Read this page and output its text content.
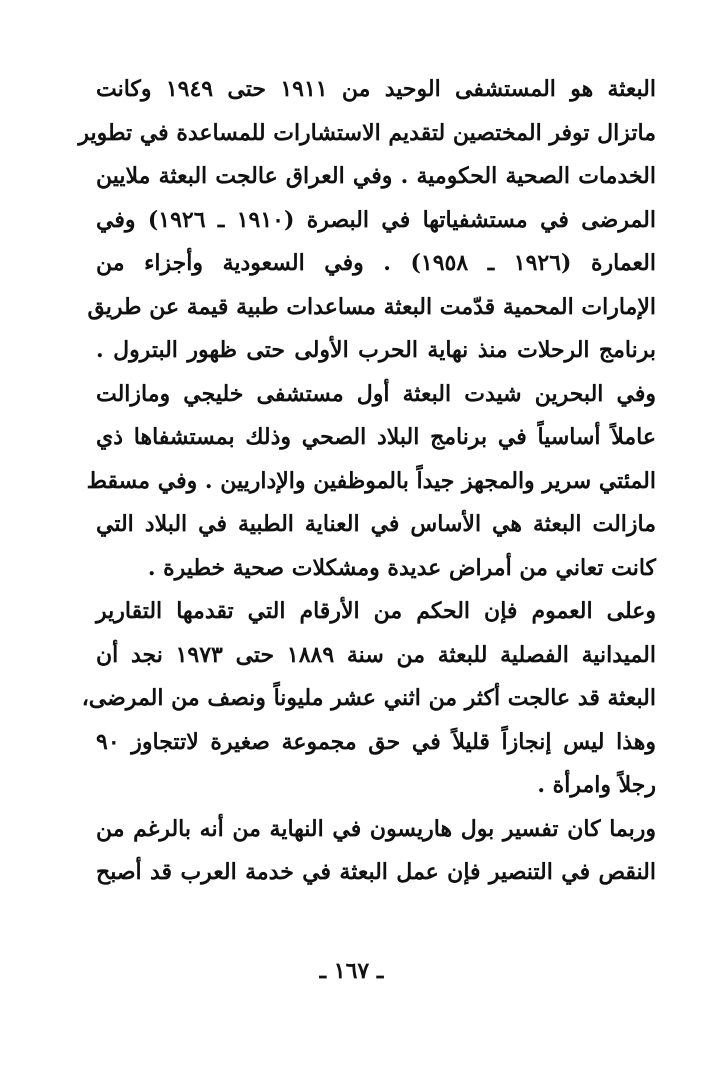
البعثة هو المستشفى الوحيد من ١٩١١ حتى ١٩٤٩ وكانت
ماتزال توفر المختصين لتقديم الاستشارات للمساعدة في تطوير
الخدمات الصحية الحكومية . وفي العراق عالجت البعثة ملايين
المرضى في مستشفياتها في البصرة (١٩١٠ ـ ١٩٢٦) وفي
العمارة (١٩٢٦ ـ ١٩٥٨) . وفي السعودية وأجزاء من
الإمارات المحمية قدّمت البعثة مساعدات طبية قيمة عن طريق
برنامج الرحلات منذ نهاية الحرب الأولى حتى ظهور البترول .
وفي البحرين شيدت البعثة أول مستشفى خليجي ومازالت
عاملاً أساسياً في برنامج البلاد الصحي وذلك بمستشفاها ذي
المئتي سرير والمجهز جيداً بالموظفين والإداريين . وفي مسقط
مازالت البعثة هي الأساس في العناية الطبية في البلاد التي
كانت تعاني من أمراض عديدة ومشكلات صحية خطيرة .
وعلى العموم فإن الحكم من الأرقام التي تقدمها التقارير
الميدانية الفصلية للبعثة من سنة ١٨٨٩ حتى ١٩٧٣ نجد أن
البعثة قد عالجت أكثر من اثني عشر مليوناً ونصف من المرضى،
وهذا ليس إنجازاً قليلاً في حق مجموعة صغيرة لاتتجاوز ٩٠
رجلاً وامرأة .
وربما كان تفسير بول هاريسون في النهاية من أنه بالرغم من
النقص في التنصير فإن عمل البعثة في خدمة العرب قد أصبح
ـ ١٦٧ ـ
